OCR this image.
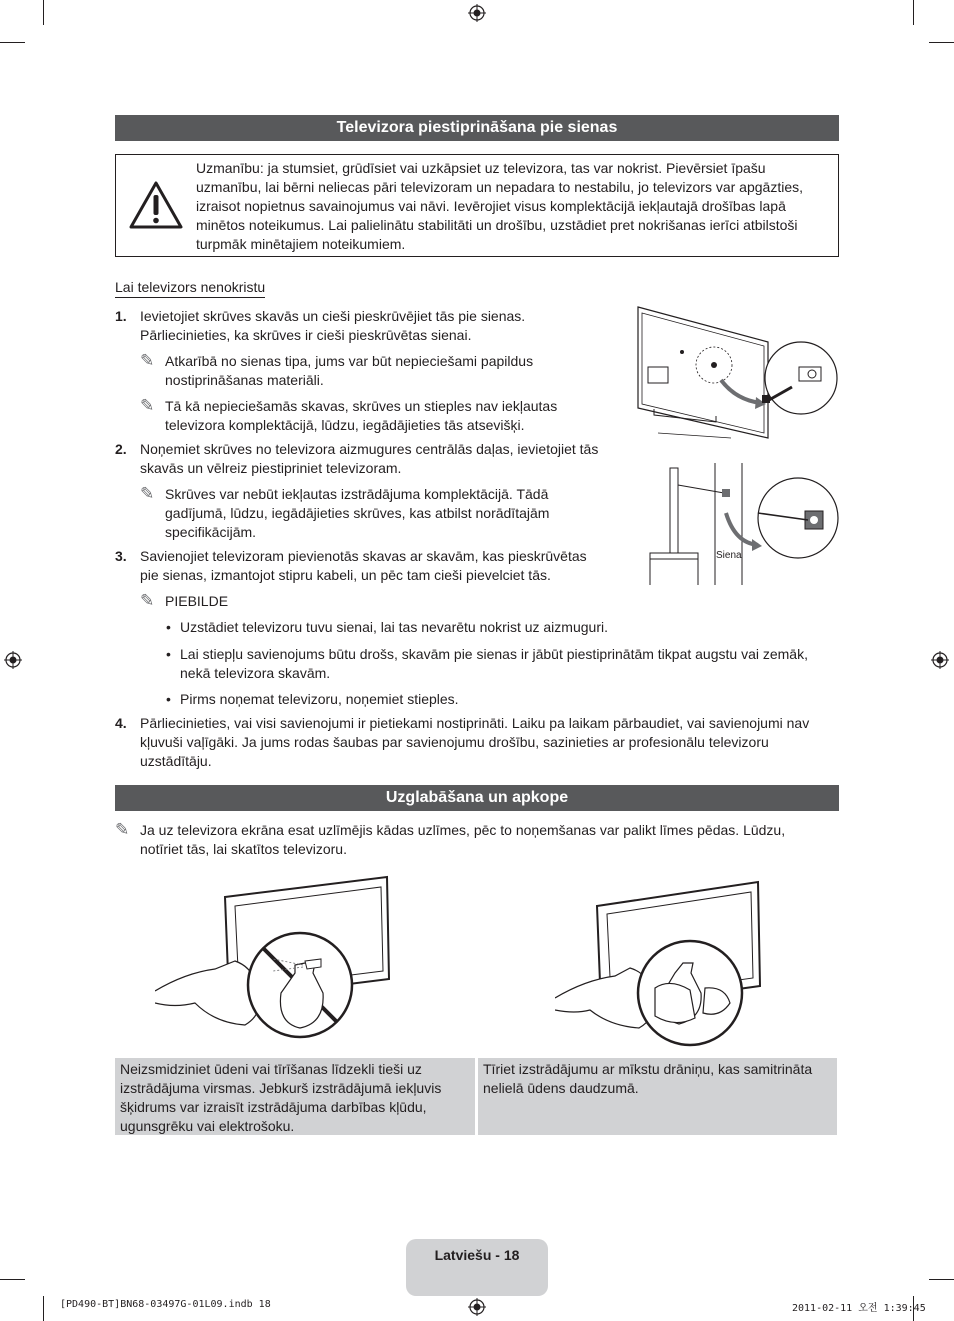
Televizora piestiprināšana pie sienas
Uzmanību: ja stumsiet, grūdīsiet vai uzkāpsiet uz televizora, tas var nokrist. Pievērsiet īpašu uzmanību, lai bērni neliecas pāri televizoram un nepadara to nestabilu, jo televizors var apgāzties, izraisot nopietnus savainojumus vai nāvi. Ievērojiet visus komplektācijā iekļautajā drošības lapā minētos noteikumus. Lai palielinātu stabilitāti un drošību, uzstādiet pret nokrišanas ierīci atbilstoši turpmāk minētajiem noteikumiem.
Lai televizors nenokristu
1. Ievietojiet skrūves skavās un cieši pieskrūvējiet tās pie sienas. Pārliecinieties, ka skrūves ir cieši pieskrūvētas sienai.
✎ Atkarībā no sienas tipa, jums var būt nepieciešami papildus nostiprināšanas materiāli.
✎ Tā kā nepieciešamās skavas, skrūves un stieples nav iekļautas televizora komplektācijā, lūdzu, iegādājieties tās atsevišķi.
2. Noņemiet skrūves no televizora aizmugures centrālās daļas, ievietojiet tās skavās un vēlreiz piestipriniet televizoram.
✎ Skrūves var nebūt iekļautas izstrādājuma komplektācijā. Tādā gadījumā, lūdzu, iegādājieties skrūves, kas atbilst norādītajām specifikācijām.
3. Savienojiet televizoram pievienotās skavas ar skavām, kas pieskrūvētas pie sienas, izmantojot stipru kabeli, un pēc tam cieši pievelciet tās.
✎ PIEBILDE
• Uzstādiet televizoru tuvu sienai, lai tas nevarētu nokrist uz aizmuguri.
• Lai stiepļu savienojums būtu drošs, skavām pie sienas ir jābūt piestiprinātām tikpat augstu vai zemāk, nekā televizora skavām.
• Pirms noņemat televizoru, noņemiet stieples.
4. Pārliecinieties, vai visi savienojumi ir pietiekami nostiprināti. Laiku pa laikam pārbaudiet, vai savienojumi nav kļuvuši vaļīgāki. Ja jums rodas šaubas par savienojumu drošību, sazinieties ar profesionālu televizoru uzstādītāju.
Siena
Uzglabāšana un apkope
✎ Ja uz televizora ekrāna esat uzlīmējis kādas uzlīmes, pēc to noņemšanas var palikt līmes pēdas. Lūdzu, notīriet tās, lai skatītos televizoru.
Neizsmidziniet ūdeni vai tīrīšanas līdzekli tieši uz izstrādājuma virsmas. Jebkurš izstrādājumā iekļuvis šķidrums var izraisīt izstrādājuma darbības kļūdu, ugunsgrēku vai elektrošoku.
Tīriet izstrādājumu ar mīkstu drāniņu, kas samitrināta nelielā ūdens daudzumā.
Latviešu - 18
[PD490-BT]BN68-03497G-01L09.indb 18	2011-02-11 오전 1:39:45
